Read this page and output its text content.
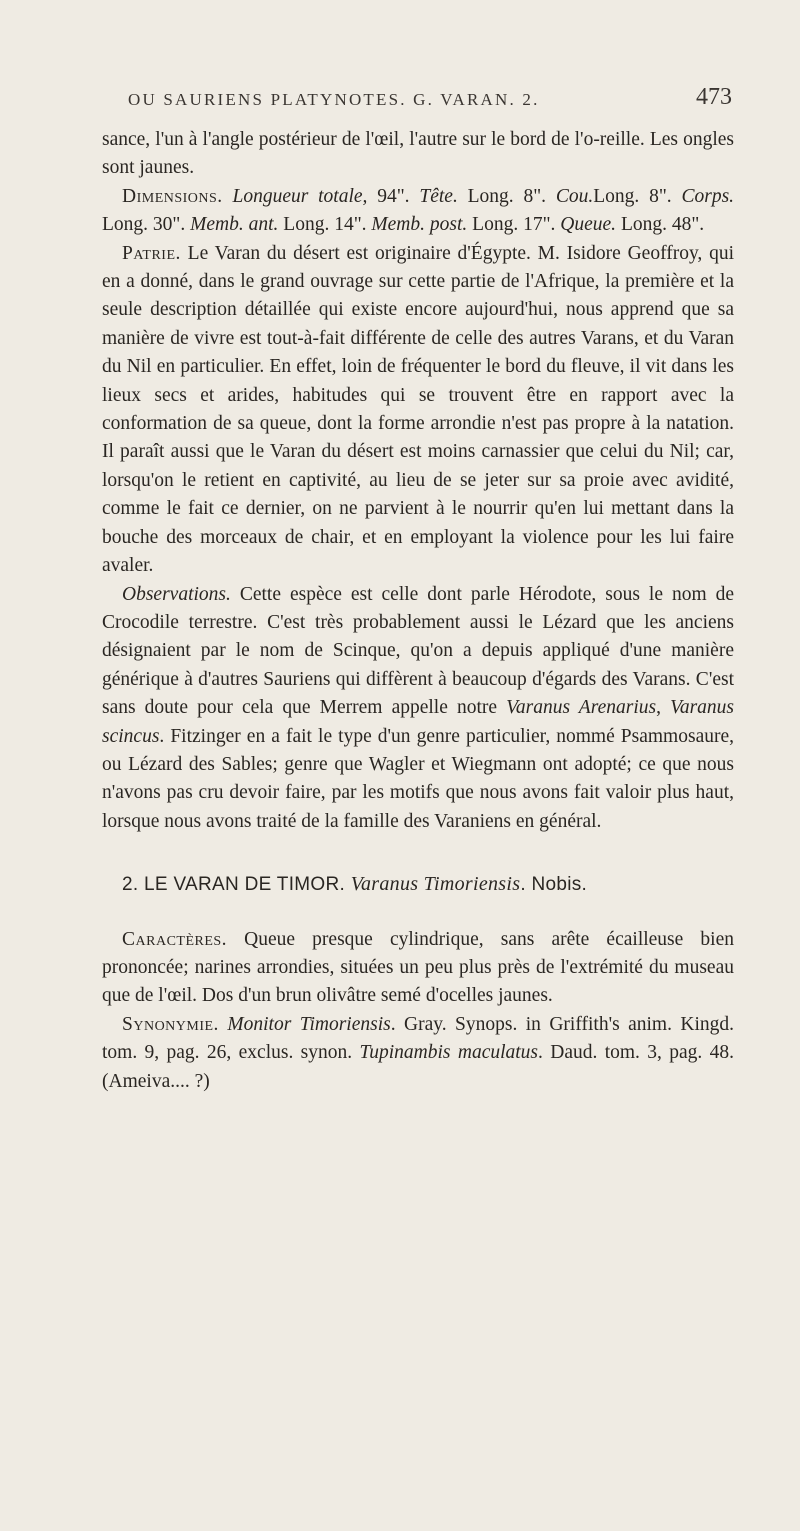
OU SAURIENS PLATYNOTES. G. VARAN. 2.	473

sance, l'un à l'angle postérieur de l'œil, l'autre sur le bord de l'o-reille. Les ongles sont jaunes.

Dimensions. Longueur totale, 94". Tête. Long. 8". Cou.Long. 8". Corps. Long. 30". Memb. ant. Long. 14". Memb. post. Long. 17". Queue. Long. 48".

Patrie. Le Varan du désert est originaire d'Égypte. M. Isidore Geoffroy, qui en a donné, dans le grand ouvrage sur cette partie de l'Afrique, la première et la seule description détaillée qui existe encore aujourd'hui, nous apprend que sa manière de vivre est tout-à-fait différente de celle des autres Varans, et du Varan du Nil en particulier. En effet, loin de fréquenter le bord du fleuve, il vit dans les lieux secs et arides, habitudes qui se trouvent être en rapport avec la conformation de sa queue, dont la forme arrondie n'est pas propre à la natation. Il paraît aussi que le Varan du désert est moins carnassier que celui du Nil; car, lorsqu'on le retient en captivité, au lieu de se jeter sur sa proie avec avidité, comme le fait ce dernier, on ne parvient à le nourrir qu'en lui mettant dans la bouche des morceaux de chair, et en employant la violence pour les lui faire avaler.

Observations. Cette espèce est celle dont parle Hérodote, sous le nom de Crocodile terrestre. C'est très probablement aussi le Lézard que les anciens désignaient par le nom de Scinque, qu'on a depuis appliqué d'une manière générique à d'autres Sauriens qui diffèrent à beaucoup d'égards des Varans. C'est sans doute pour cela que Merrem appelle notre Varanus Arenarius, Varanus scincus. Fitzinger en a fait le type d'un genre particulier, nommé Psammosaure, ou Lézard des Sables; genre que Wagler et Wiegmann ont adopté; ce que nous n'avons pas cru devoir faire, par les motifs que nous avons fait valoir plus haut, lorsque nous avons traité de la famille des Varaniens en général.

2. LE VARAN DE TIMOR. Varanus Timoriensis. Nobis.

Caractères. Queue presque cylindrique, sans arête écailleuse bien prononcée; narines arrondies, situées un peu plus près de l'extrémité du museau que de l'œil. Dos d'un brun olivâtre semé d'ocelles jaunes.

Synonymie. Monitor Timoriensis. Gray. Synops. in Griffith's anim. Kingd. tom. 9, pag. 26, exclus. synon. Tupinambis maculatus. Daud. tom. 3, pag. 48. (Ameiva.... ?)
